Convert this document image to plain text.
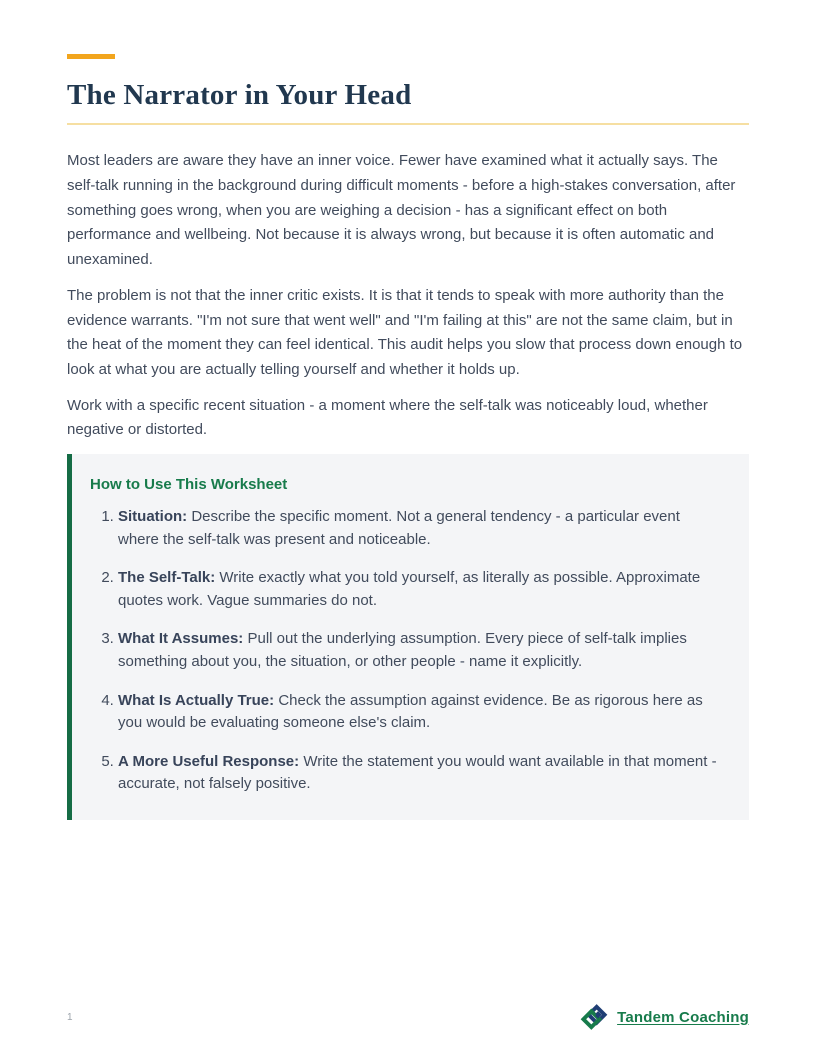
The Narrator in Your Head

Most leaders are aware they have an inner voice. Fewer have examined what it actually says. The self-talk running in the background during difficult moments - before a high-stakes conversation, after something goes wrong, when you are weighing a decision - has a significant effect on both performance and wellbeing. Not because it is always wrong, but because it is often automatic and unexamined.

The problem is not that the inner critic exists. It is that it tends to speak with more authority than the evidence warrants. "I'm not sure that went well" and "I'm failing at this" are not the same claim, but in the heat of the moment they can feel identical. This audit helps you slow that process down enough to look at what you are actually telling yourself and whether it holds up.

Work with a specific recent situation - a moment where the self-talk was noticeably loud, whether negative or distorted.

How to Use This Worksheet
1. Situation: Describe the specific moment. Not a general tendency - a particular event where the self-talk was present and noticeable.
2. The Self-Talk: Write exactly what you told yourself, as literally as possible. Approximate quotes work. Vague summaries do not.
3. What It Assumes: Pull out the underlying assumption. Every piece of self-talk implies something about you, the situation, or other people - name it explicitly.
4. What Is Actually True: Check the assumption against evidence. Be as rigorous here as you would be evaluating someone else's claim.
5. A More Useful Response: Write the statement you would want available in that moment - accurate, not falsely positive.
1	Tandem Coaching
